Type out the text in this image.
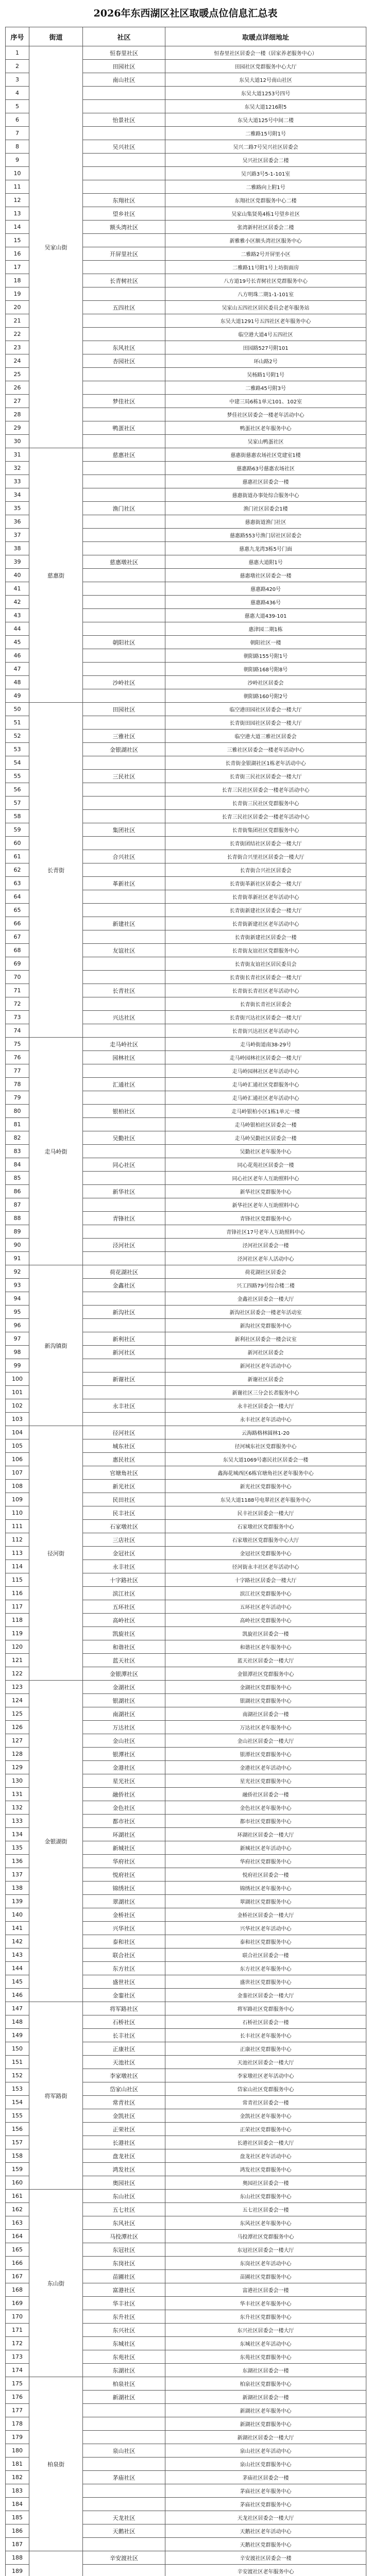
2026年东西湖区社区取暖点位信息汇总表
序号	街道	社区	取暖点详细地址
1	吴家山街	恒春里社区	恒春里社区居委会一楼（居家养老服务中心）
2		田园社区	田园社区党群服务中心大厅
3		南山社区	东吴大道12号南山社区
4			东吴大道1253号四号
5			东吴大道1216附5
6		怡景社区	东吴大道125号中间二楼
7			二雅路15号附1号
8		吴兴社区	吴兴二路7号吴兴社区居委会
9			吴兴社区居委会二楼
10			吴兴路3号5-1-101室
11			二雅路向上附1号
12		东翔社区	东翔社区党群服务中心二楼
13		望乡社区	吴家山集贤苑4栋1号望乡社区
14		额头湾社区	张湾新村社区居委会二楼
15			新雅雅小区额头湾社区服务中心
16		开屏里社区	二雅路2号开屏里小区
17			二雅路11号附1号上坊街面房
18		长青树社区	八方道19号长青树社区党群服务中心
19			八方明珠二期1-1-101室
20		五四社区	吴家山五四社区居民委员会老年服务站
21			东吴大道1291号五四社区老年服务中心
22			临空港大道4号五四社区
23		东风社区	田园路527号附101
24		杏园社区	环山路2号
25			吴杨路1号附1号
26			二雅路45号附3号
27		梦佳社区	中建三局6栋1单元101、102室
28			梦佳社区居委会一楼老年活动中心
29		鸭蛋社区	鸭蛋社区老年服务中心
30			吴家山鸭蛋社区
31	慈惠街	慈惠社区	慈惠街慈惠农场社区党建室1楼
32			慈惠路63号慈惠农场社区
33			慈惠社区居委会一楼
34			慈惠街道办事处综合服务中心
35		渔门社区	渔门社区居委会1楼
36			慈惠街道渔门社区
37			慈惠路553号渔门居社区居委会
38			慈惠九龙湾3栋5号门面
39		慈惠墩社区	慈惠大道附1号
40			慈惠墩社区居委会一楼
41			慈惠路420号
42			慈惠路436号
43			慈惠大道439-101
44			惠津园二期1栋
45		朝阳社区	朝阳社区一楼
46			朝阳路155号附1号
47			朝阳路168号附8号
48		沙岭社区	沙岭社区居委会
49			朝阳路160号附2号
50	长青街	田园社区	临空港田园社区居委会一楼大厅
51			长青街田园社区居委会一楼大厅
52		三雅社区	临空港大道三雅社区居委会
53		金银湖社区	三雅社区居委会一楼老年活动中心
54			长青街金银湖社区1栋老年活动中心
55		三民社区	长青街三民社区居委会一楼大厅
56			长青三民社区居委会一楼老年活动中心
57			长青街三民社区党群服务中心
58			长青三民社区居委会一楼老年活动中心
59		集团社区	长青街集团社区党群服务中心
60			长青街团结社区居委会一楼大厅
61		合兴社区	长青街合兴里社区居委会一楼大厅
62			长青街合兴社区居委会
63		革新社区	长青街革新社区居委会一楼大厅
64			长青街革新社区老年活动中心
65			长青街新建社区居委会一楼大厅
66		新建社区	长青街新建社区老年活动中心
67			长青街新建社区居委会一楼
68		友谊社区	长青街友谊社区党群服务中心
69			长青街友谊社区居民委员会
70			长青街长青社区居委会一楼大厅
71		长青社区	长青街长青社区老年活动中心
72			长青街长青社区居委会
73		兴达社区	长青街兴达社区居委会一楼大厅
74			长青街兴达社区老年活动中心
75	走马岭街	走马岭社区	走马岭街道南38-29号
76		园林社区	走马岭园林社区居委会一楼大厅
77			走马岭园林社区老年活动中心
78		汇通社区	走马岭汇通社区党群服务中心
79			走马岭汇通社区老年活动中心
80		银柏社区	走马岭银柏小区1栋1单元一楼
81			走马岭银柏社区居委会一楼
82		吴勤社区	走马岭吴勤社区居委会一楼
83			吴勤社区老年服务中心
84		同心社区	同心花苑社区居委会一楼
85			同心社区老年人互助照料中心
86		新华社区	新华社区党群服务中心
87			新华社区老年人互助照料中心
88		青锋社区	青锋社区党群服务中心
89			青锋社区17号老年人互助照料中心
90		泾河社区	泾河社区居委会一楼
91			泾河社区老年人活动中心
92	新沟镇街	荷花湖社区	荷花湖社区居委会
93		金鑫社区	兴工四路79号综合楼二楼
94			金鑫社区居委会一楼大厅
95		新沟社区	新沟社区居委会一楼老年活动室
96			新沟社区党群服务中心
97		新利社区	新利社区居委会一楼会议室
98		新河社区	新河社区居委会
99			新河社区老年活动中心
100		新谢社区	新谢社区居委会
101			新谢社区三分会长者服务中心
102		永丰社区	永丰社区居委会一楼大厅
103			永丰社区老年活动中心
104	径河街	径河社区	云海路格林圆林1-20
105		城东社区	径河城东社区党群服务中心
106		惠民社区	东吴大道1069号惠民社区居委会一楼
107		官塘角社区	鑫海花城西区6栋官塘角社区老年服务中心
108		新光社区	新光社区党群服务中心
109		民田社区	东吴大道1188号电翠社区老年服务中心
110		民丰社区	民丰社区居委会一楼大厅
111		石家墩社区	石家墩社区党群服务中心
112		三店社区	石家墩社区党群服务中心大厅
113		金冠社区	金冠社区党群服务中心
114		永丰社区	径河街永丰社区老年活动中心
115		十字路社区	十字路社区居委会一楼大厅
116		滨江社区	滨江社区党群服务中心
117		五环社区	五环社区老年活动中心
118		高岭社区	高岭社区党群服务中心
119		凯旋社区	凯旋社区居委会一楼
120		和谐社区	和谐社区老年服务中心
121		蓝天社区	蓝天社区居委会一楼大厅
122		金银潭社区	金银潭社区党群服务中心
123	金银湖街	金湖社区	金湖社区党群服务中心
124		银湖社区	银湖社区党群服务中心
125		南湖社区	南湖社区居委会一楼
126		万达社区	万达社区老年服务中心
127		金山社区	金山社区居委会一楼大厅
128		银潭社区	银潭社区党群服务中心
129		金港社区	金港社区老年活动中心
130		星光社区	星光社区党群服务中心
131		融侨社区	融侨社区居委会一楼
132		金色社区	金色社区老年服务中心
133		都市社区	都市社区党群服务中心
134		环湖社区	环湖社区居委会一楼大厅
135		新城社区	新城社区老年活动中心
136		华府社区	华府社区党群服务中心
137		悦府社区	悦府社区居委会一楼
138		锦绣社区	锦绣社区老年服务中心
139		翠湖社区	翠湖社区党群服务中心
140		金桥社区	金桥社区居委会一楼大厅
141		兴华社区	兴华社区老年活动中心
142		泰和社区	泰和社区党群服务中心
143		联合社区	联合社区居委会一楼
144		东方社区	东方社区老年服务中心
145		盛世社区	盛世社区党群服务中心
146		金銮社区	金銮社区居委会一楼大厅
147	将军路街	将军路社区	将军路社区党群服务中心
148		石桥社区	石桥社区居委会一楼
149		长丰社区	长丰社区老年服务中心
150		正康社区	正康社区党群服务中心
151		天池社区	天池社区居委会一楼大厅
152		李家墩社区	李家墩社区老年活动中心
153		岱家山社区	岱家山社区党群服务中心
154		常青社区	常青社区居委会一楼
155		金凯社区	金凯社区老年服务中心
156		正荣社区	正荣社区党群服务中心
157		长港社区	长港社区居委会一楼大厅
158		盘龙社区	盘龙社区老年活动中心
159		鸿发社区	鸿发社区党群服务中心
160		奥园社区	奥园社区居委会一楼
161	东山街	东山社区	东山社区党群服务中心
162		五七社区	五七社区居委会一楼
163		东风社区	东风社区老年服务中心
164		马投潭社区	马投潭社区党群服务中心
165		东冠社区	东冠社区居委会一楼大厅
166		东岗社区	东岗社区老年活动中心
167		苗圃社区	苗圃社区党群服务中心
168		富港社区	富港社区居委会一楼
169		华丰社区	华丰社区老年服务中心
170		东升社区	东升社区党群服务中心
171		东兴社区	东兴社区居委会一楼大厅
172		东城社区	东城社区老年活动中心
173		东苑社区	东苑社区党群服务中心
174		东湖社区	东湖社区居委会一楼
175	柏泉街	柏泉社区	柏泉社区党群服务中心
176		新湖社区	新湖社区居委会一楼
177			新湖社区老年服务中心
178			新湖社区党群服务中心
179			新湖社区居委会一楼大厅
180		泉山社区	泉山社区老年活动中心
181			泉山社区党群服务中心
182		茅庙社区	茅庙社区居委会一楼
183			茅庙社区老年服务中心
184			茅庙社区党群服务中心
185		天龙社区	天龙社区居委会一楼大厅
186		天鹅社区	天鹅社区老年活动中心
187			天鹅社区党群服务中心
188		辛安渡社区	辛安渡社区居委会一楼
189			辛安渡社区老年服务中心
